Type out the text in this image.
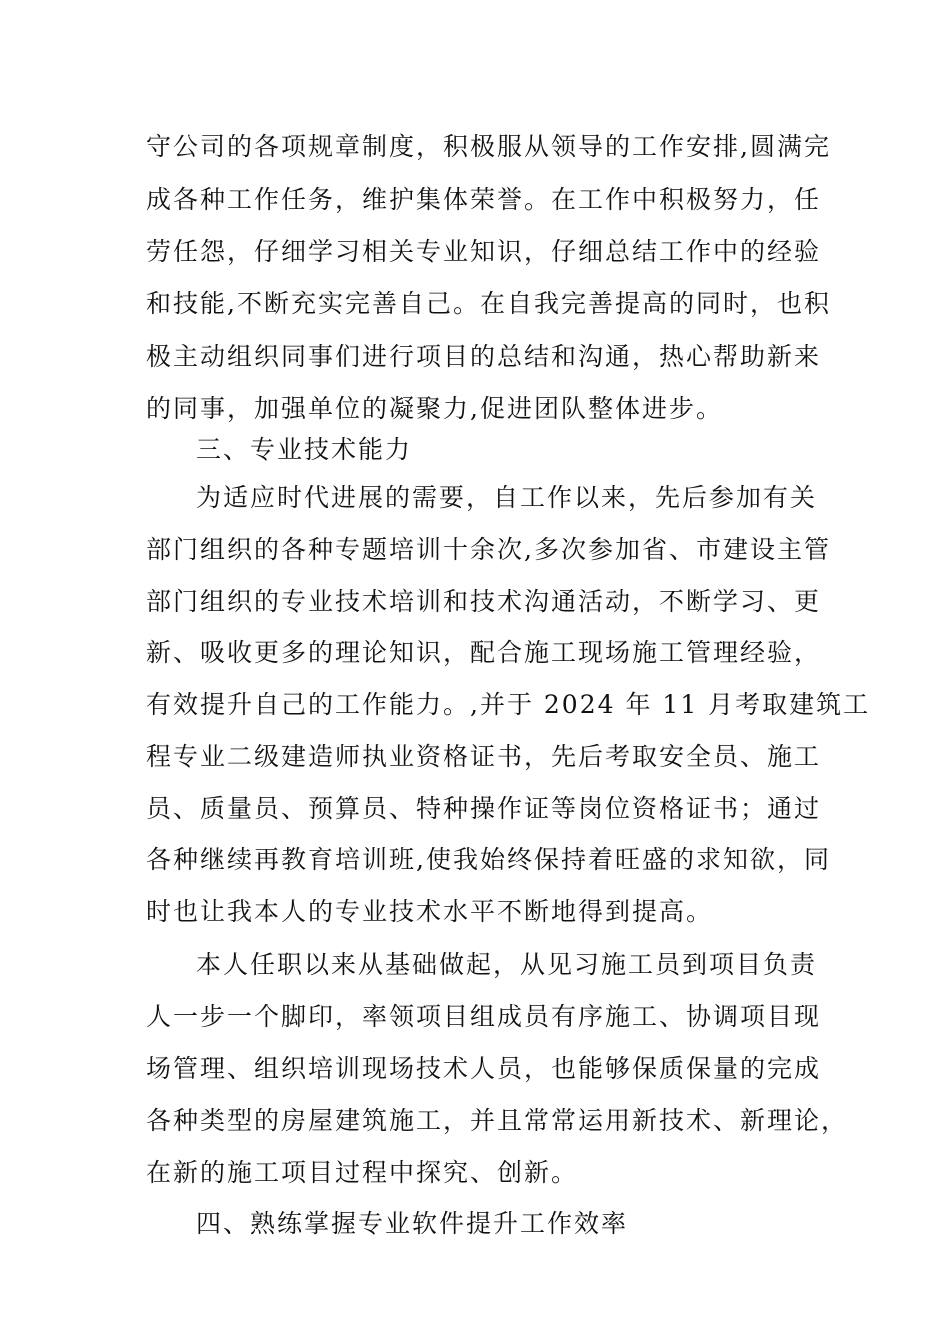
守公司的各项规章制度，积极服从领导的工作安排,圆满完
成各种工作任务，维护集体荣誉。在工作中积极努力，任
劳任怨，仔细学习相关专业知识，仔细总结工作中的经验
和技能,不断充实完善自己。在自我完善提高的同时，也积
极主动组织同事们进行项目的总结和沟通，热心帮助新来
的同事，加强单位的凝聚力,促进团队整体进步。
三、专业技术能力
为适应时代进展的需要，自工作以来，先后参加有关
部门组织的各种专题培训十余次,多次参加省、市建设主管
部门组织的专业技术培训和技术沟通活动，不断学习、更
新、吸收更多的理论知识，配合施工现场施工管理经验，
有效提升自己的工作能力。,并于 2024 年 11 月考取建筑工
程专业二级建造师执业资格证书，先后考取安全员、施工
员、质量员、预算员、特种操作证等岗位资格证书；通过
各种继续再教育培训班,使我始终保持着旺盛的求知欲，同
时也让我本人的专业技术水平不断地得到提高。
本人任职以来从基础做起，从见习施工员到项目负责
人一步一个脚印，率领项目组成员有序施工、协调项目现
场管理、组织培训现场技术人员，也能够保质保量的完成
各种类型的房屋建筑施工，并且常常运用新技术、新理论，
在新的施工项目过程中探究、创新。
四、熟练掌握专业软件提升工作效率
